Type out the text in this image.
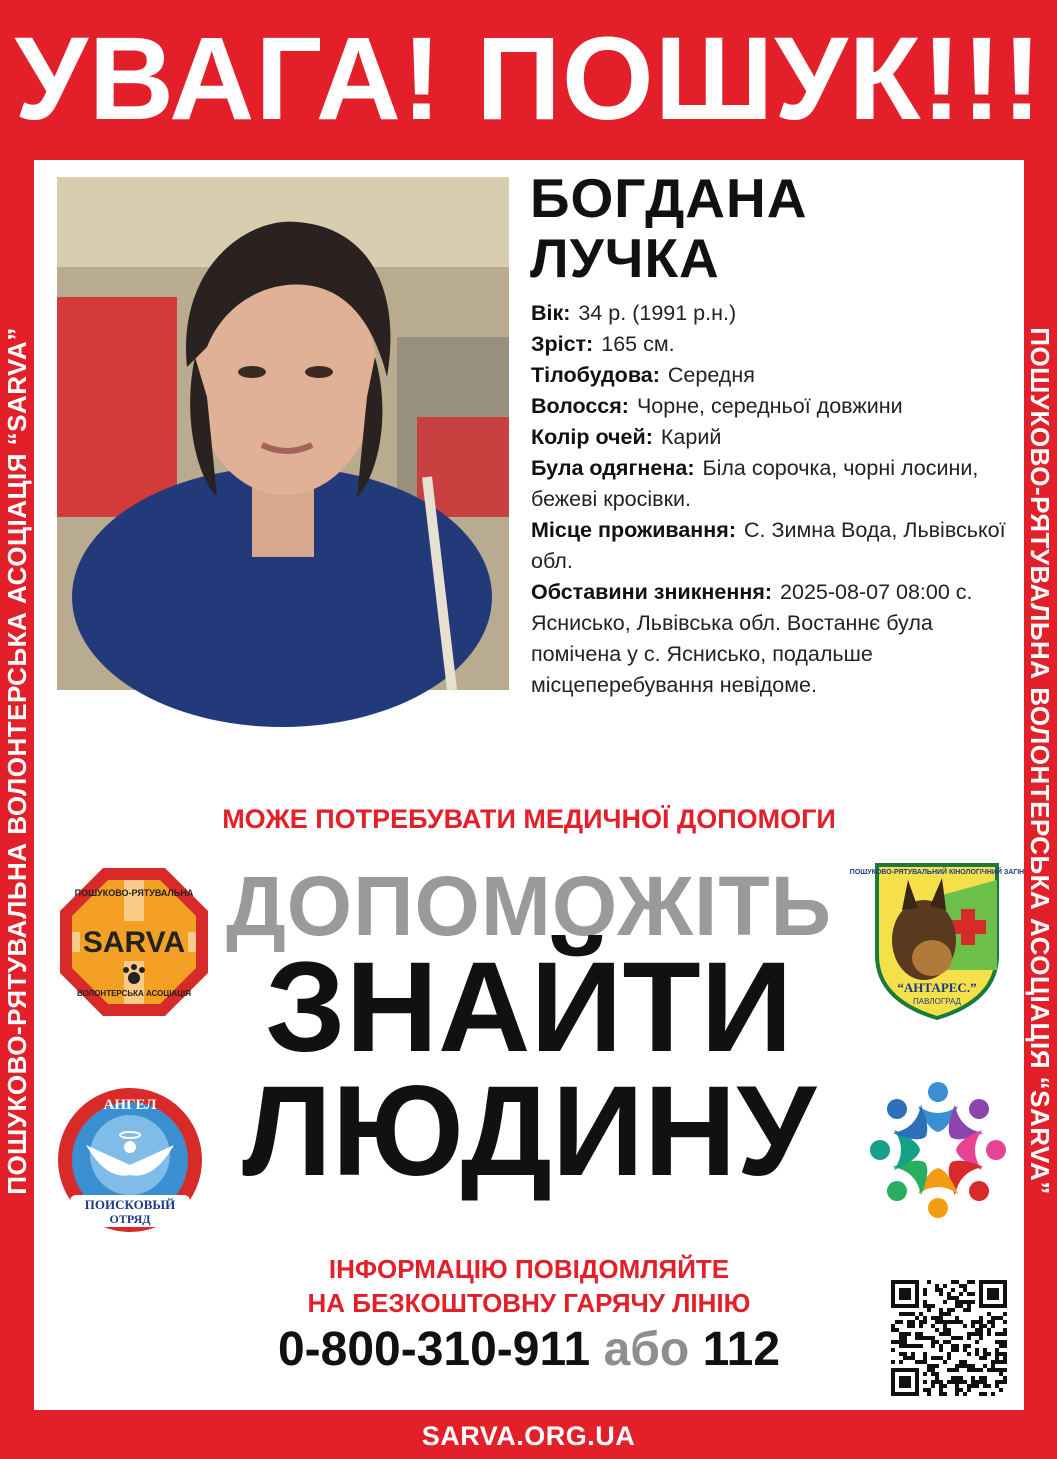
УВАГА! ПОШУК!!!
ПОШУКОВО-РЯТУВАЛЬНА ВОЛОНТЕРСЬКА АСОЦІАЦІЯ “SARVA”	ПОШУКОВО-РЯТУВАЛЬНА ВОЛОНТЕРСЬКА АСОЦІАЦІЯ “SARVA”
БОГДАНА
ЛУЧКА
Вік: 34 р. (1991 р.н.)
Зріст: 165 см.
Тілобудова: Середня
Волосся: Чорне, середньої довжини
Колір очей: Карий
Була одягнена: Біла сорочка, чорні лосини, бежеві кросівки.
Місце проживання: С. Зимна Вода, Львівської обл.
Обставини зникнення: 2025-08-07 08:00 с. Яснисько, Львівська обл. Востаннє була помічена у с. Яснисько, подальше місцеперебування невідоме.
МОЖЕ ПОТРЕБУВАТИ МЕДИЧНОЇ ДОПОМОГИ
ДОПОМОЖІТЬ
ЗНАЙТИ
ЛЮДИНУ
ІНФОРМАЦІЮ ПОВІДОМЛЯЙТЕ
НА БЕЗКОШТОВНУ ГАРЯЧУ ЛІНІЮ
0-800-310-911 або 112
SARVA
ПОШУКОВО-РЯТУВАЛЬНА
ВОЛОНТЕРСЬКА АСОЦІАЦІЯ
ПОШУКОВО-РЯТУВАЛЬНИЙ КІНОЛОГІЧНИЙ ЗАГІН
“АНТАРЕС.”
ПАВЛОГРАД
АНГЕЛ
ПОИСКОВЫЙ
ОТРЯД
SARVA.ORG.UA
